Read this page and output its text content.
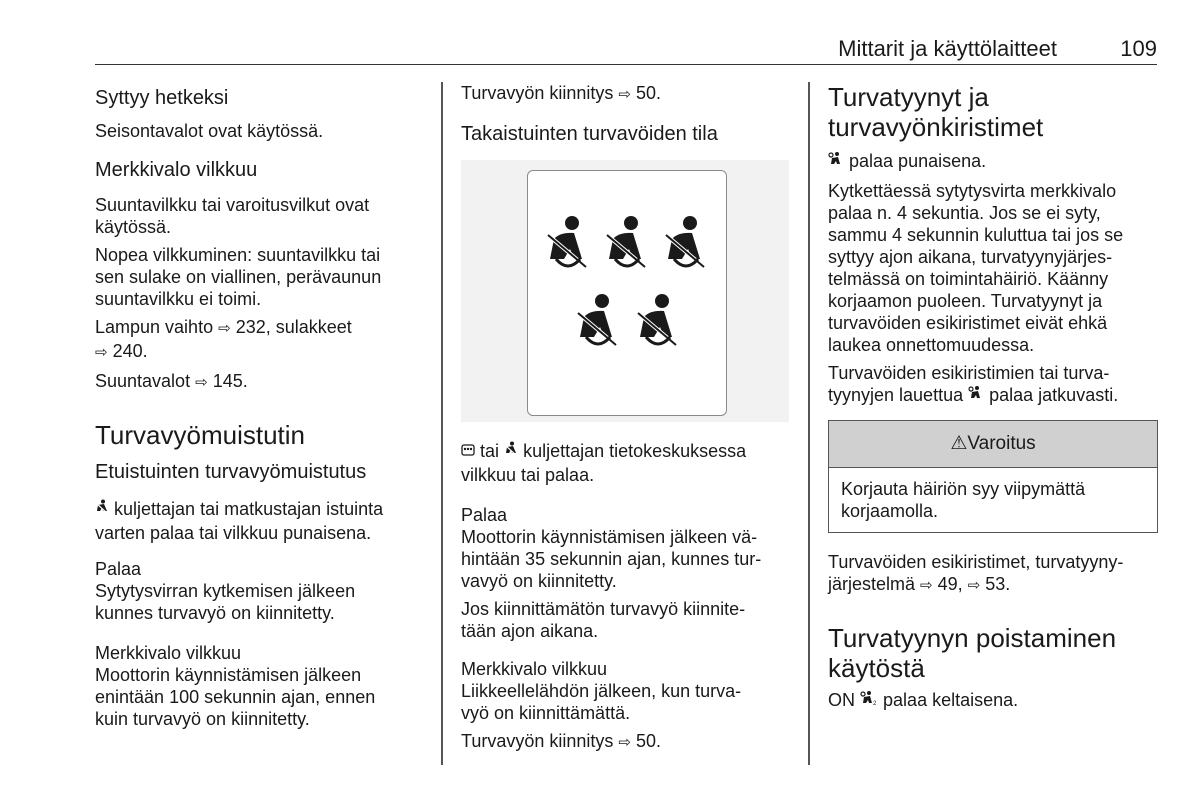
Mittarit ja käyttölaitteet	109

Syttyy hetkeksi

Seisontavalot ovat käytössä.

Merkkivalo vilkkuu

Suuntavilkku tai varoitusvilkut ovat

käytössä.

Nopea vilkkuminen: suuntavilkku tai

sen sulake on viallinen, perävaunun

suuntavilkku ei toimi.

Lampun vaihto ⇨ 232, sulakkeet

⇨ 240.

Suuntavalot ⇨ 145.

Turvavyömuistutin

Etuistuinten turvavyömuistutus

kuljettajan tai matkustajan istuinta

varten palaa tai vilkkuu punaisena.

Palaa

Sytytysvirran kytkemisen jälkeen

kunnes turvavyö on kiinnitetty.

Merkkivalo vilkkuu

Moottorin käynnistämisen jälkeen

enintään 100 sekunnin ajan, ennen

kuin turvavyö on kiinnitetty.

Turvavyön kiinnitys ⇨ 50.

Takaistuinten turvavöiden tila

tai kuljettajan tietokeskuksessa

vilkkuu tai palaa.

Palaa

Moottorin käynnistämisen jälkeen vä-

hintään 35 sekunnin ajan, kunnes tur-

vavyö on kiinnitetty.

Jos kiinnittämätön turvavyö kiinnite-

tään ajon aikana.

Merkkivalo vilkkuu

Liikkeellelähdön jälkeen, kun turva-

vyö on kiinnittämättä.

Turvavyön kiinnitys ⇨ 50.

Turvatyynyt ja

turvavyönkiristimet

palaa punaisena.

Kytkettäessä sytytysvirta merkkivalo

palaa n. 4 sekuntia. Jos se ei syty,

sammu 4 sekunnin kuluttua tai jos se

syttyy ajon aikana, turvatyynyjärjes-

telmässä on toimintahäiriö. Käänny

korjaamon puoleen. Turvatyynyt ja

turvavöiden esikiristimet eivät ehkä

laukea onnettomuudessa.

Turvavöiden esikiristimien tai turva-

tyynyjen lauettua palaa jatkuvasti.

⚠Varoitus

Korjauta häiriön syy viipymättä

korjaamolla.

Turvavöiden esikiristimet, turvatyyny-

järjestelmä ⇨ 49, ⇨ 53.

Turvatyynyn poistaminen

käytöstä

ON	2 palaa keltaisena.
